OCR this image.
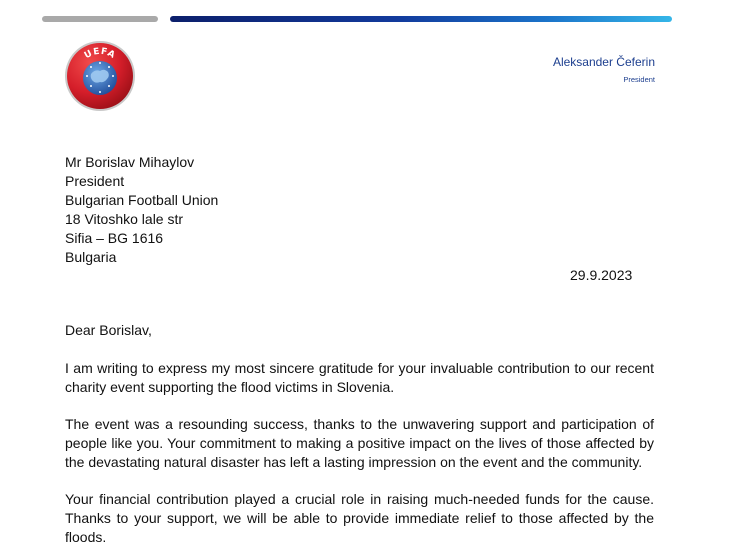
UEFA
Aleksander Čeferin
President
Mr Borislav Mihaylov
President
Bulgarian Football Union
18 Vitoshko lale str
Sifia – BG 1616
Bulgaria
29.9.2023
Dear Borislav,
I am writing to express my most sincere gratitude for your invaluable contribution to our recent charity event supporting the flood victims in Slovenia.
The event was a resounding success, thanks to the unwavering support and participation of people like you. Your commitment to making a positive impact on the lives of those affected by the devastating natural disaster has left a lasting impression on the event and the community.
Your financial contribution played a crucial role in raising much-needed funds for the cause. Thanks to your support, we will be able to provide immediate relief to those affected by the floods.
